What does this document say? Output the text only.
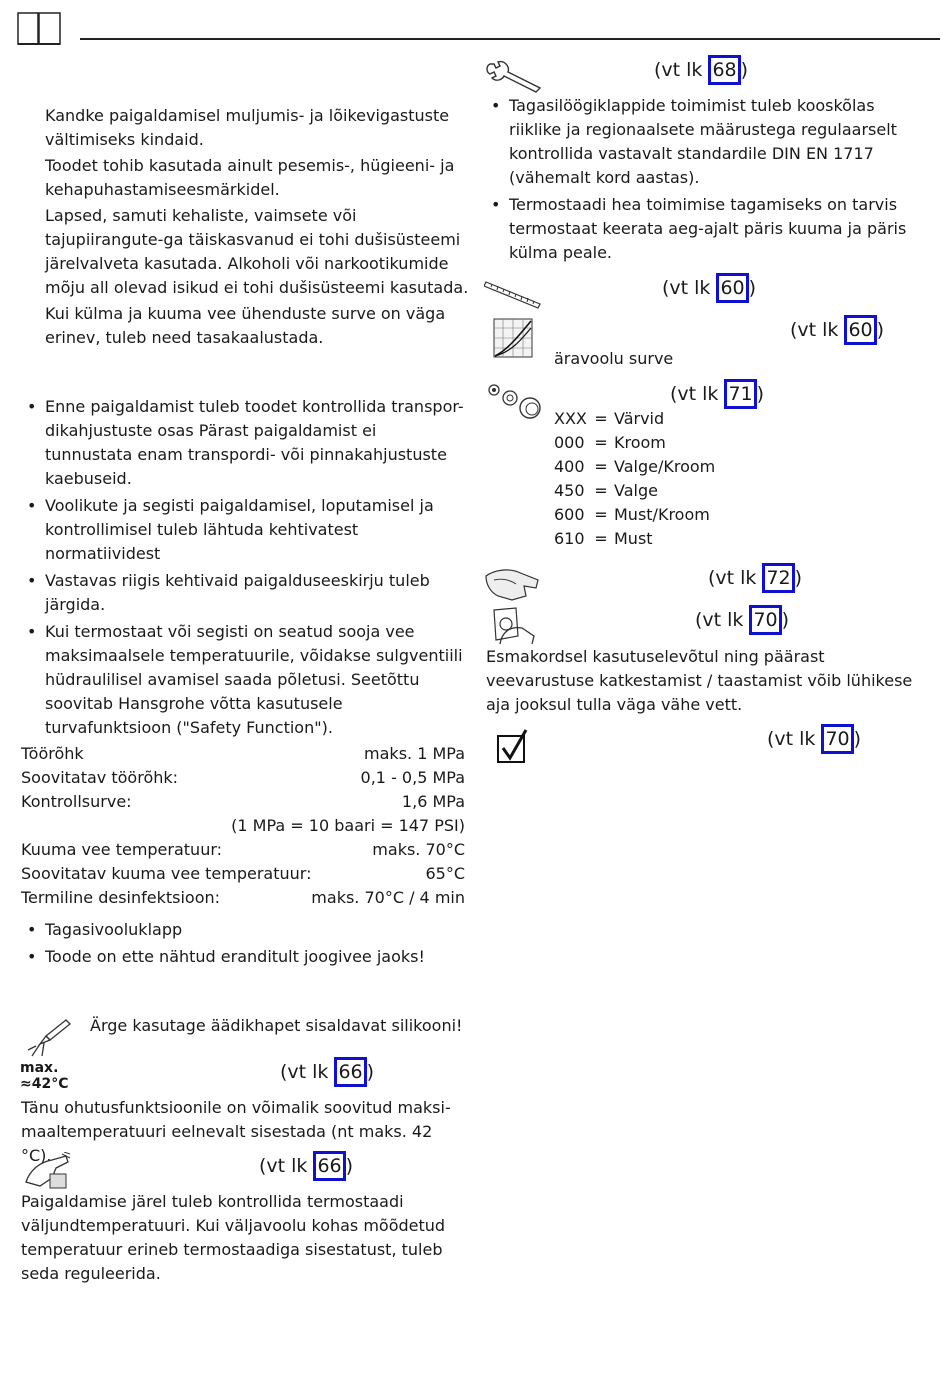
Kandke paigaldamisel muljumis- ja lõikevigastuste vältimiseks kindaid.

Toodet tohib kasutada ainult pesemis-, hügieeni- ja kehapuhastamiseesmärkidel.

Lapsed, samuti kehaliste, vaimsete või tajupiirangute-ga täiskasvanud ei tohi dušisüsteemi järelvalveta kasutada. Alkoholi või narkootikumide mõju all olevad isikud ei tohi dušisüsteemi kasutada.

Kui külma ja kuuma vee ühenduste surve on väga erinev, tuleb need tasakaalustada.

• Enne paigaldamist tuleb toodet kontrollida transpor-dikahjustuste osas Pärast paigaldamist ei tunnustata enam transpordi- või pinnakahjustuste kaebuseid.
• Voolikute ja segisti paigaldamisel, loputamisel ja kontrollimisel tuleb lähtuda kehtivatest normatiividest
• Vastavas riigis kehtivaid paigalduseeskirju tuleb järgida.
• Kui termostaat või segisti on seatud sooja vee maksimaalsele temperatuurile, võidakse sulgventiili hüdraulilisel avamisel saada põletusi. Seetõttu soovitab Hansgrohe võtta kasutusele turvafunktsioon ("Safety Function").
Töörõhk	maks. 1 MPa
Soovitatav töörõhk:	0,1 - 0,5 MPa
Kontrollsurve:	1,6 MPa
(1 MPa = 10 baari = 147 PSI)
Kuuma vee temperatuur:	maks. 70°C
Soovitatav kuuma vee temperatuur:	65°C
Termiline desinfektsioon:	maks. 70°C / 4 min
• Tagasivooluklapp
• Toode on ette nähtud eranditult joogivee jaoks!
Ärge kasutage äädikhapet sisaldavat silikooni!
max.
≈42°C
(vt lk 66 )
Tänu ohutusfunktsioonile on võimalik soovitud maksi-maaltemperatuuri eelnevalt sisestada (nt maks. 42 °C).	(vt lk 66 )
Paigaldamise järel tuleb kontrollida termostaadi väljundtemperatuuri. Kui väljavoolu kohas mõõdetud temperatuur erineb termostaadiga sisestatust, tuleb seda reguleerida.
(vt lk 68 )
• Tagasilöögiklappide toimimist tuleb kooskõlas riiklike ja regionaalsete määrustega regulaarselt kontrollida vastavalt standardile DIN EN 1717 (vähemalt kord aastas).
• Termostaadi hea toimimise tagamiseks on tarvis termostaat keerata aeg-ajalt päris kuuma ja päris külma peale.
(vt lk 60 )
(vt lk 60 )
äravoolu surve
(vt lk 71 )
XXX = Värvid
000 = Kroom
400 = Valge/Kroom
450 = Valge
600 = Must/Kroom
610 = Must
(vt lk 72 )
(vt lk 70 )
Esmakordsel kasutuselevõtul ning päärast veevarustuse katkestamist / taastamist võib lühikese aja jooksul tulla väga vähe vett.
(vt lk 70 )
